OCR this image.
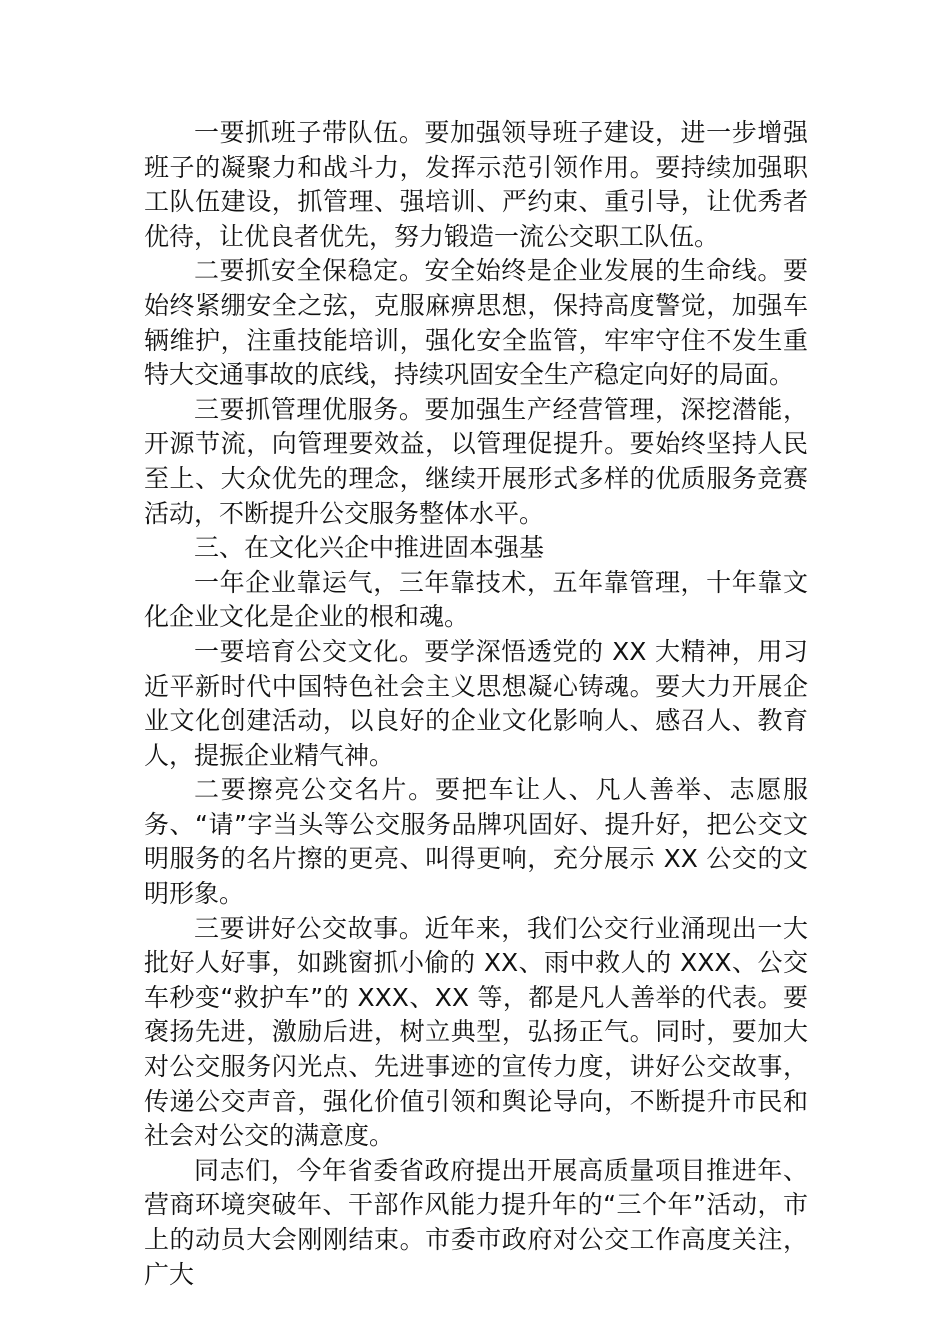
一要抓班子带队伍。要加强领导班子建设，进一步增强班子的凝聚力和战斗力，发挥示范引领作用。要持续加强职工队伍建设，抓管理、强培训、严约束、重引导，让优秀者优待，让优良者优先，努力锻造一流公交职工队伍。

二要抓安全保稳定。安全始终是企业发展的生命线。要始终紧绷安全之弦，克服麻痹思想，保持高度警觉，加强车辆维护，注重技能培训，强化安全监管，牢牢守住不发生重特大交通事故的底线，持续巩固安全生产稳定向好的局面。

三要抓管理优服务。要加强生产经营管理，深挖潜能，开源节流，向管理要效益，以管理促提升。要始终坚持人民至上、大众优先的理念，继续开展形式多样的优质服务竞赛活动，不断提升公交服务整体水平。

三、在文化兴企中推进固本强基

一年企业靠运气，三年靠技术，五年靠管理，十年靠文化企业文化是企业的根和魂。

一要培育公交文化。要学深悟透党的 XX 大精神，用习近平新时代中国特色社会主义思想凝心铸魂。要大力开展企业文化创建活动，以良好的企业文化影响人、感召人、教育人，提振企业精气神。

二要擦亮公交名片。要把车让人、凡人善举、志愿服务、“请”字当头等公交服务品牌巩固好、提升好，把公交文明服务的名片擦的更亮、叫得更响，充分展示 XX 公交的文明形象。

三要讲好公交故事。近年来，我们公交行业涌现出一大批好人好事，如跳窗抓小偷的 XX、雨中救人的 XXX、公交车秒变“救护车”的 XXX、XX 等，都是凡人善举的代表。要褒扬先进，激励后进，树立典型，弘扬正气。同时，要加大对公交服务闪光点、先进事迹的宣传力度，讲好公交故事，传递公交声音，强化价值引领和舆论导向，不断提升市民和社会对公交的满意度。

同志们，今年省委省政府提出开展高质量项目推进年、营商环境突破年、干部作风能力提升年的“三个年”活动，市上的动员大会刚刚结束。市委市政府对公交工作高度关注，广大
